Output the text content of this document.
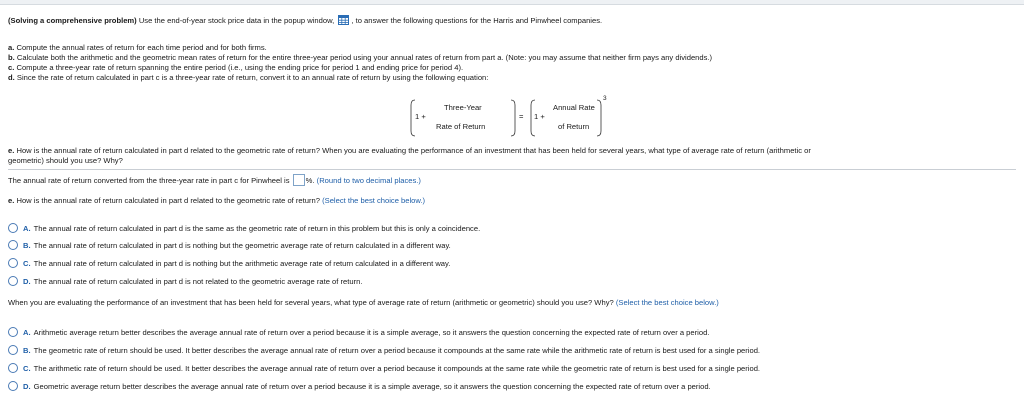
(Solving a comprehensive problem) Use the end-of-year stock price data in the popup window, , to answer the following questions for the Harris and Pinwheel companies.
a. Compute the annual rates of return for each time period and for both firms.
b. Calculate both the arithmetic and the geometric mean rates of return for the entire three-year period using your annual rates of return from part a. (Note: you may assume that neither firm pays any dividends.)
c. Compute a three-year rate of return spanning the entire period (i.e., using the ending price for period 1 and ending price for period 4).
d. Since the rate of return calculated in part c is a three-year rate of return, convert it to an annual rate of return by using the following equation:
1 +
Three-Year
Rate of Return
= 1 +
Annual Rate
of Return
3
e. How is the annual rate of return calculated in part d related to the geometric rate of return? When you are evaluating the performance of an investment that has been held for several years, what type of average rate of return (arithmetic or
geometric) should you use? Why?
The annual rate of return converted from the three-year rate in part c for Pinwheel is %. (Round to two decimal places.)
e. How is the annual rate of return calculated in part d related to the geometric rate of return? (Select the best choice below.)
A. The annual rate of return calculated in part d is the same as the geometric rate of return in this problem but this is only a coincidence.
B. The annual rate of return calculated in part d is nothing but the geometric average rate of return calculated in a different way.
C. The annual rate of return calculated in part d is nothing but the arithmetic average rate of return calculated in a different way.
D. The annual rate of return calculated in part d is not related to the geometric average rate of return.
When you are evaluating the performance of an investment that has been held for several years, what type of average rate of return (arithmetic or geometric) should you use? Why? (Select the best choice below.)
A. Arithmetic average return better describes the average annual rate of return over a period because it is a simple average, so it answers the question concerning the expected rate of return over a period.
B. The geometric rate of return should be used. It better describes the average annual rate of return over a period because it compounds at the same rate while the arithmetic rate of return is best used for a single period.
C. The arithmetic rate of return should be used. It better describes the average annual rate of return over a period because it compounds at the same rate while the geometric rate of return is best used for a single period.
D. Geometric average return better describes the average annual rate of return over a period because it is a simple average, so it answers the question concerning the expected rate of return over a period.
